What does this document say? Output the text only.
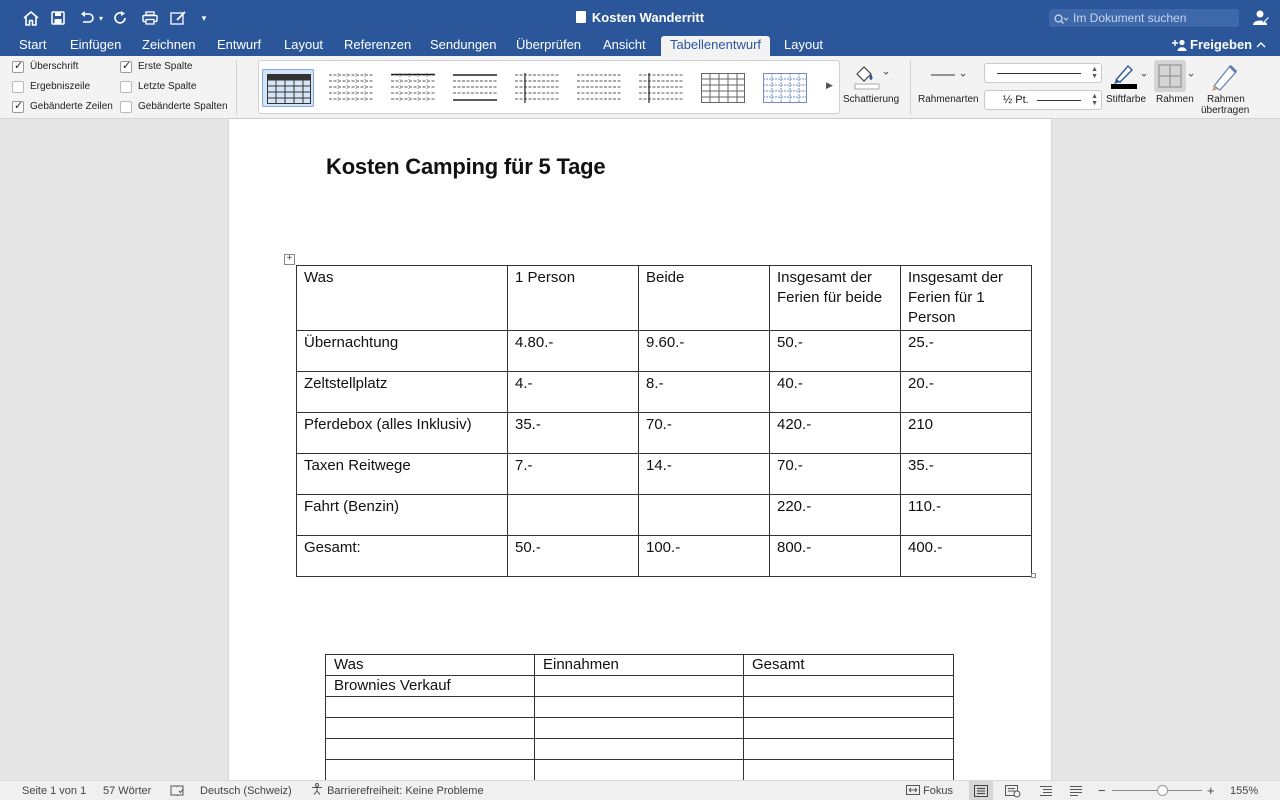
▾	▾	Kosten Wanderritt	Im Dokument suchen
Start Einfügen Zeichnen Entwurf Layout Referenzen Sendungen Überprüfen Ansicht	Tabellenentwurf	Layout	Freigeben
✓
Überschrift
Ergebniszeile
✓
Gebänderte Zeilen
✓
Erste Spalte
Letzte Spalte
Gebänderte Spalten
▶
Schattierung Rahmenarten
▲
▼
½ Pt.	▲
▼ Stiftfarbe Rahmen Rahmen
übertragen
Kosten Camping für 5 Tage
+
Was	1 Person	Beide	Insgesamt der Ferien für beide	Insgesamt der Ferien für 1 Person
Übernachtung	4.80.-	9.60.-	50.-	25.-
Zeltstellplatz	4.-	8.-	40.-	20.-
Pferdebox (alles Inklusiv)	35.-	70.-	420.-	210
Taxen Reitwege	7.-	14.-	70.-	35.-
Fahrt (Benzin)			220.-	110.-
Gesamt:	50.-	100.-	800.-	400.-
Was	Einnahmen	Gesamt
Brownies Verkauf		

Seite 1 von 1 57 Wörter	Deutsch (Schweiz)	Barrierefreiheit: Keine Probleme	Fokus	−	+ 155%
